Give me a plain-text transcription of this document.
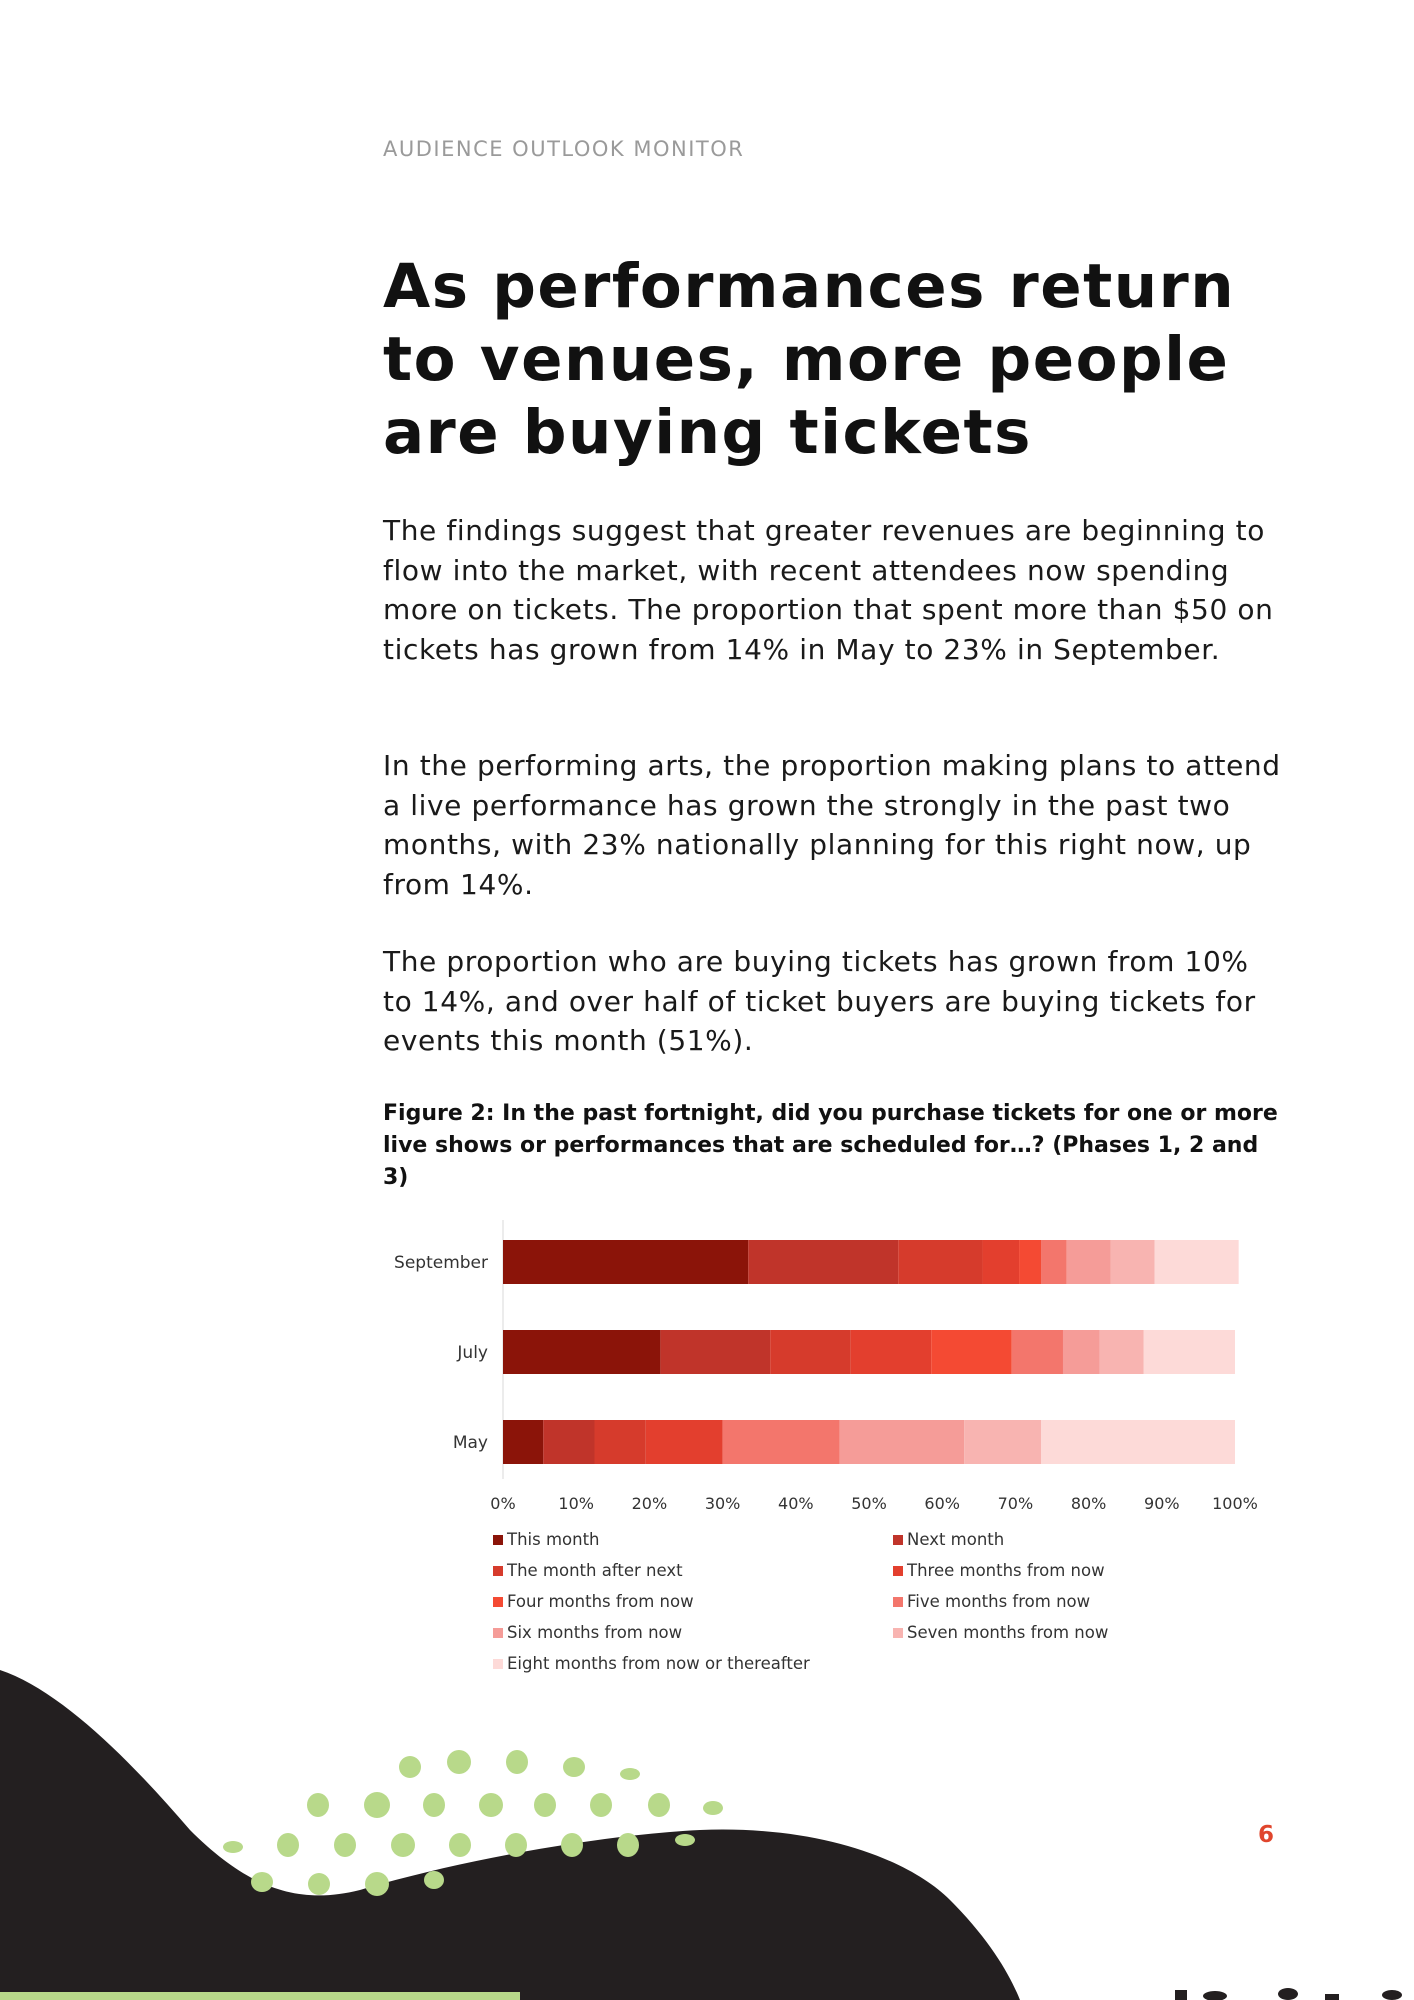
AUDIENCE OUTLOOK MONITOR
As performances return to venues, more people are buying tickets

The findings suggest that greater revenues are beginning to flow into the market, with recent attendees now spending more on tickets. The proportion that spent more than $50 on tickets has grown from 14% in May to 23% in September.

In the performing arts, the proportion making plans to attend a live performance has grown the strongly in the past two months, with 23% nationally planning for this right now, up from 14%.

The proportion who are buying tickets has grown from 10% to 14%, and over half of ticket buyers are buying tickets for events this month (51%).

Figure 2: In the past fortnight, did you purchase tickets for one or more live shows or performances that are scheduled for…? (Phases 1, 2 and 3)

September
July
May
0%	10% 20% 30% 40% 50% 60% 70% 80% 90% 100%
This month	Next month
The month after next	Three months from now
Four months from now	Five months from now
Six months from now	Seven months from now
Eight months from now or thereafter
6
